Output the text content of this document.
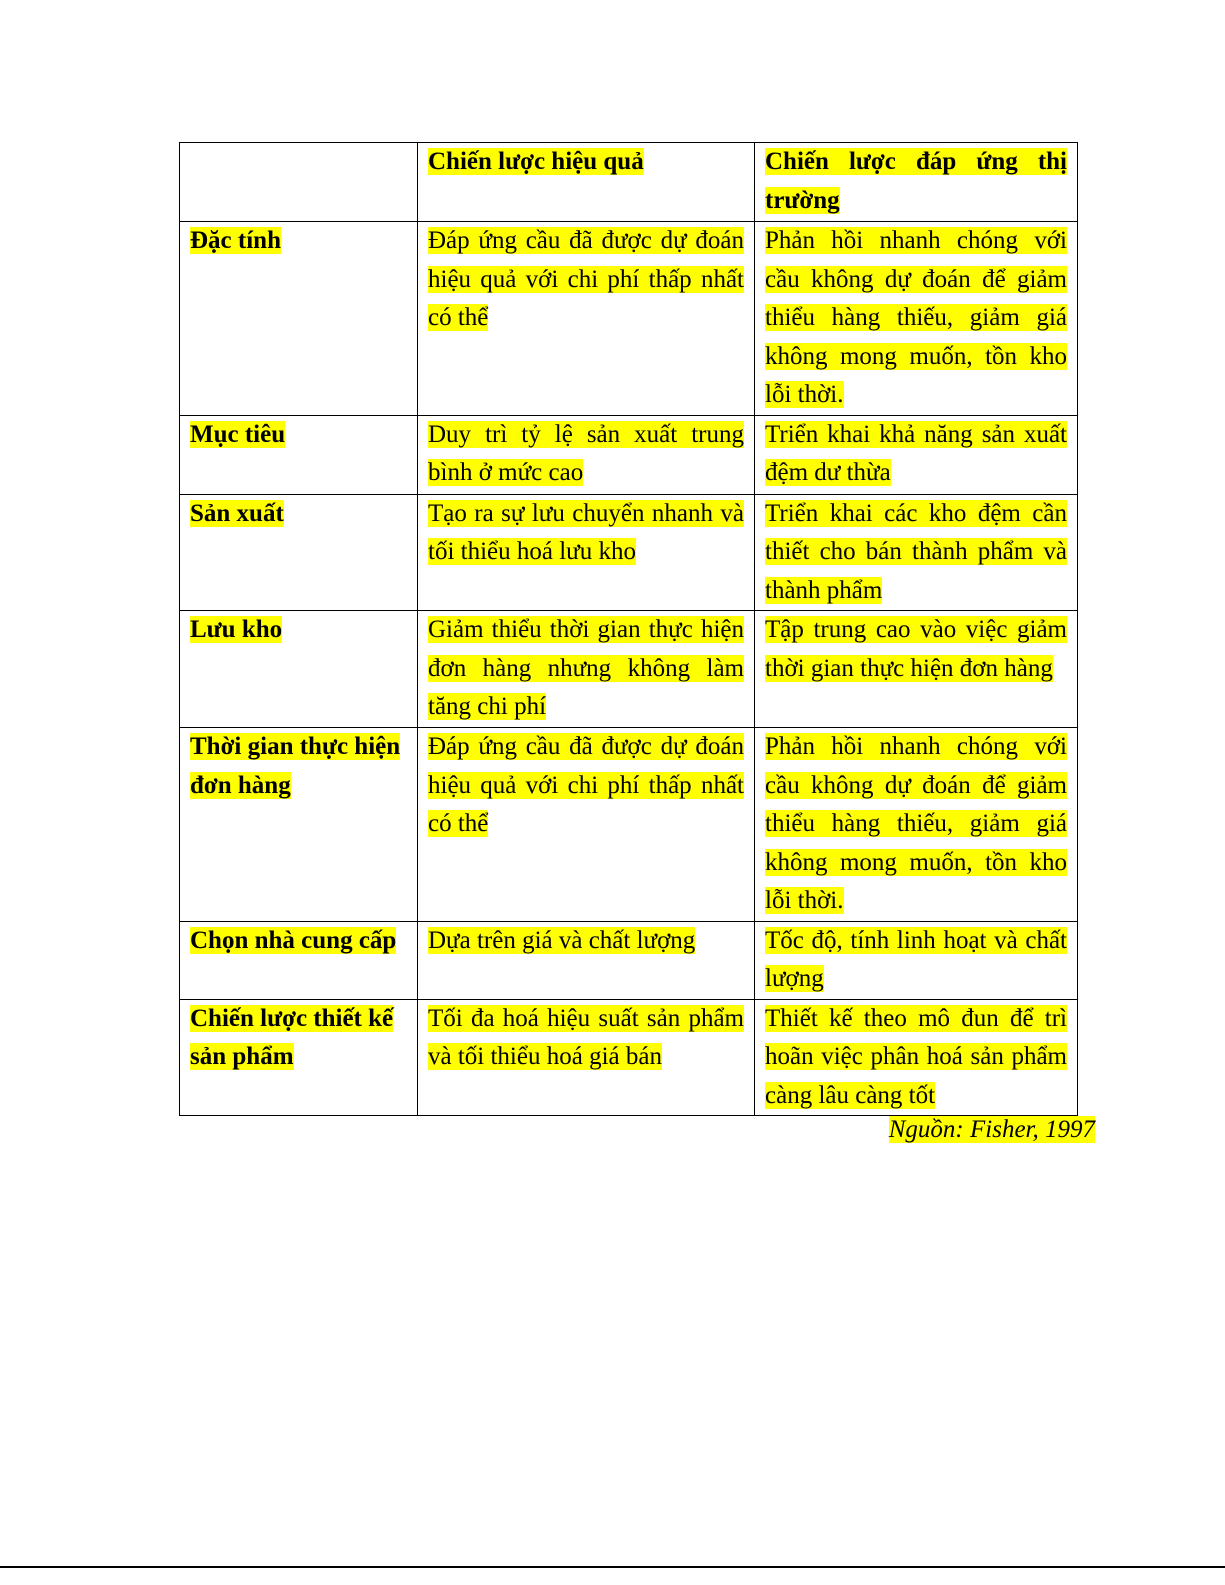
	Chiến lược hiệu quả	Chiến lược đáp ứng thị trường
Đặc tính	Đáp ứng cầu đã được dự đoán hiệu quả với chi phí thấp nhất có thể	Phản hồi nhanh chóng với cầu không dự đoán để giảm thiểu hàng thiếu, giảm giá không mong muốn, tồn kho lỗi thời.
Mục tiêu	Duy trì tỷ lệ sản xuất trung bình ở mức cao	Triển khai khả năng sản xuất đệm dư thừa
Sản xuất	Tạo ra sự lưu chuyển nhanh và tối thiểu hoá lưu kho	Triển khai các kho đệm cần thiết cho bán thành phẩm và thành phẩm
Lưu kho	Giảm thiểu thời gian thực hiện đơn hàng nhưng không làm tăng chi phí	Tập trung cao vào việc giảm thời gian thực hiện đơn hàng
Thời gian thực hiện đơn hàng	Đáp ứng cầu đã được dự đoán hiệu quả với chi phí thấp nhất có thể	Phản hồi nhanh chóng với cầu không dự đoán để giảm thiểu hàng thiếu, giảm giá không mong muốn, tồn kho lỗi thời.
Chọn nhà cung cấp	Dựa trên giá và chất lượng	Tốc độ, tính linh hoạt và chất lượng
Chiến lược thiết kế sản phẩm	Tối đa hoá hiệu suất sản phẩm và tối thiểu hoá giá bán	Thiết kế theo mô đun để trì hoãn việc phân hoá sản phẩm càng lâu càng tốt
Nguồn: Fisher, 1997
